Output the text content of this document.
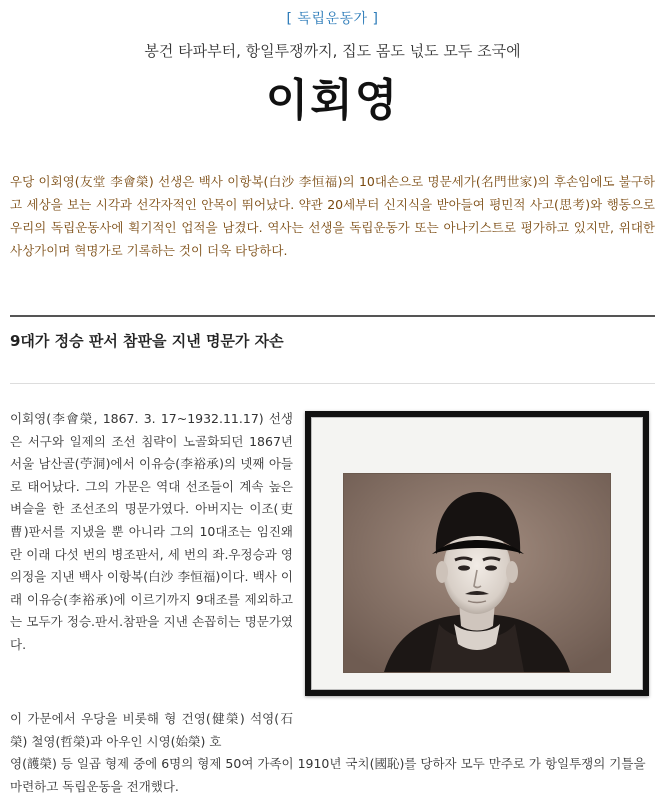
[ 독립운동가 ]
봉건 타파부터, 항일투쟁까지, 집도 몸도 넋도 모두 조국에
이회영
우당 이회영(友堂 李會榮) 선생은 백사 이항복(白沙 李恒福)의 10대손으로 명문세가(名門世家)의 후손임에도 불구하고 세상을 보는 시각과 선각자적인 안목이 뛰어났다. 약관 20세부터 신지식을 받아들여 평민적 사고(思考)와 행동으로 우리의 독립운동사에 획기적인 업적을 남겼다. 역사는 선생을 독립운동가 또는 아나키스트로 평가하고 있지만, 위대한 사상가이며 혁명가로 기록하는 것이 더욱 타당하다.
9대가 정승 판서 참판을 지낸 명문가 자손
이회영(李會榮, 1867. 3. 17~1932.11.17) 선생은 서구와 일제의 조선 침략이 노골화되던 1867년 서울 남산골(苧洞)에서 이유승(李裕承)의 넷째 아들로 태어났다. 그의 가문은 역대 선조들이 계속 높은 벼슬을 한 조선조의 명문가였다. 아버지는 이조(吏曹)판서를 지냈을 뿐 아니라 그의 10대조는 임진왜란 이래 다섯 번의 병조판서, 세 번의 좌.우정승과 영의정을 지낸 백사 이항복(白沙 李恒福)이다. 백사 이래 이유승(李裕承)에 이르기까지 9대조를 제외하고는 모두가 정승.판서.참판을 지낸 손꼽히는 명문가였다.
이 가문에서 우당을 비롯해 형 건영(健榮) 석영(石榮) 철영(哲榮)과 아우인 시영(始榮) 호
영(頀榮) 등 일곱 형제 중에 6명의 형제 50여 가족이 1910년 국치(國恥)를 당하자 모두 만주로 가 항일투쟁의 기틀을 마련하고 독립운동을 전개했다.
